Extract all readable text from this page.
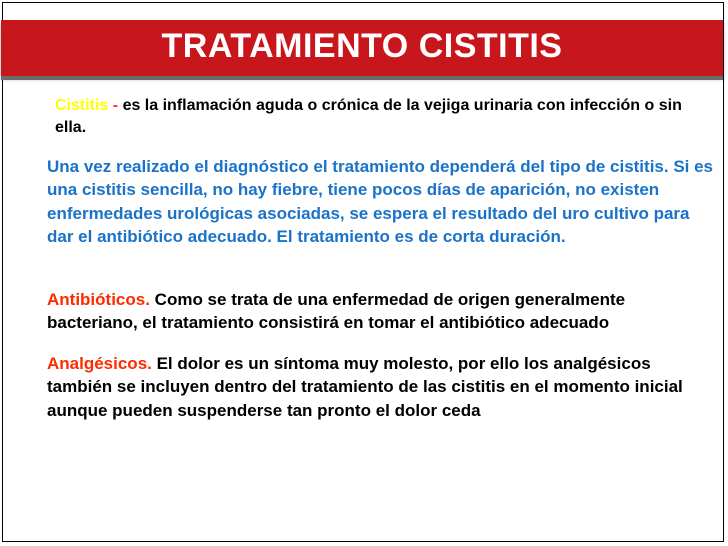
TRATAMIENTO CISTITIS
Cistitis - es la inflamación aguda o crónica de la vejiga urinaria con infección o sin ella.
Una vez realizado el diagnóstico el tratamiento dependerá del tipo de cistitis. Si es una cistitis sencilla, no hay fiebre, tiene pocos días de aparición, no existen enfermedades urológicas asociadas, se espera el resultado del uro cultivo para dar el antibiótico adecuado. El tratamiento es de corta duración.
Antibióticos. Como se trata de una enfermedad de origen generalmente bacteriano, el tratamiento consistirá en tomar el antibiótico adecuado
Analgésicos. El dolor es un síntoma muy molesto, por ello los analgésicos también se incluyen dentro del tratamiento de las cistitis en el momento inicial aunque pueden suspenderse tan pronto el dolor ceda
